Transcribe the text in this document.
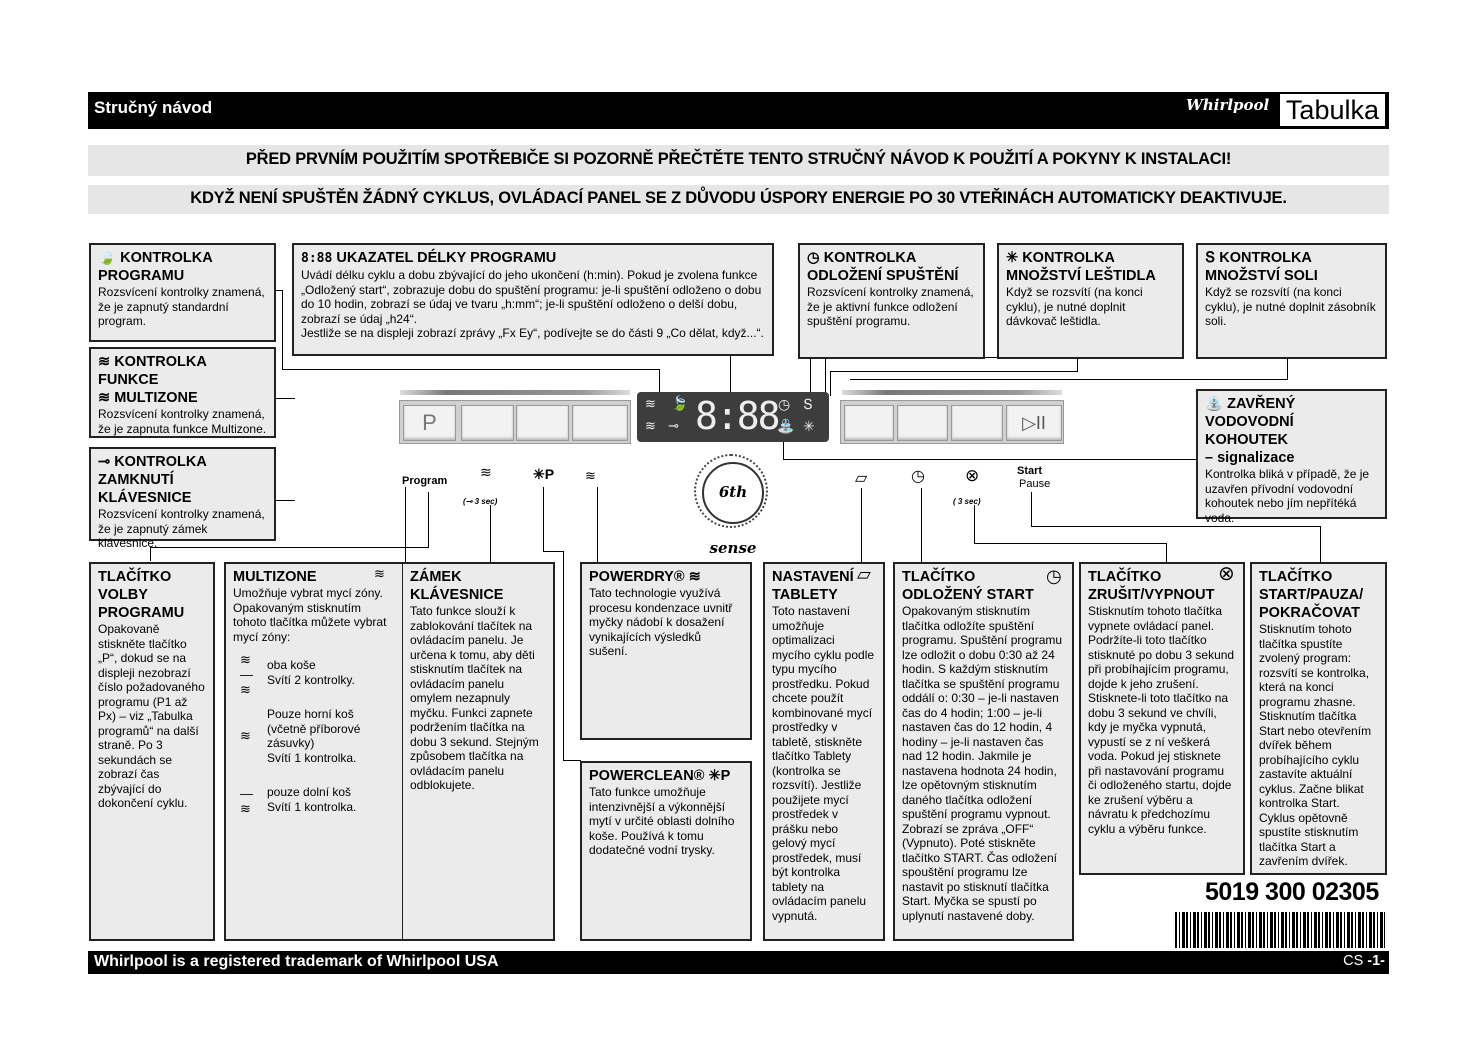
Stručný návod	Whirlpool Tabulka
PŘED PRVNÍM POUŽITÍM SPOTŘEBIČE SI POZORNĚ PŘEČTĚTE TENTO STRUČNÝ NÁVOD K POUŽITÍ A POKYNY K INSTALACI!
KDYŽ NENÍ SPUŠTĚN ŽÁDNÝ CYKLUS, OVLÁDACÍ PANEL SE Z DŮVODU ÚSPORY ENERGIE PO 30 VTEŘINÁCH AUTOMATICKY DEAKTIVUJE.
🍃 KONTROLKA PROGRAMU

Rozsvícení kontrolky znamená, že je zapnutý standardní program.

8:88 UKAZATEL DÉLKY PROGRAMU

Uvádí délku cyklu a dobu zbývající do jeho ukončení (h:min). Pokud je zvolena funkce „Odložený start“, zobrazuje dobu do spuštění programu: je-li spuštění odloženo o dobu do 10 hodin, zobrazí se údaj ve tvaru „h:mm“; je-li spuštění odloženo o delší dobu, zobrazí se údaj „h24“.

Jestliže se na displeji zobrazí zprávy „Fx Ey“, podívejte se do části 9 „Co dělat, když...“.

◷ KONTROLKA ODLOŽENÍ SPUŠTĚNÍ

Rozsvícení kontrolky znamená, že je aktivní funkce odložení spuštění programu.

✳ KONTROLKA MNOŽSTVÍ LEŠTIDLA

Když se rozsvítí (na konci cyklu), je nutné doplnit dávkovač leštidla.

Տ KONTROLKA MNOŽSTVÍ SOLI

Když se rozsvítí (na konci cyklu), je nutné doplnit zásobník soli.

≋ KONTROLKA FUNKCE
≋ MULTIZONE

Rozsvícení kontrolky znamená, že je zapnuta funkce Multizone.

⊸ KONTROLKA ZAMKNUTÍ KLÁVESNICE

Rozsvícení kontrolky znamená, že je zapnutý zámek klávesnice.

⛲ ZAVŘENÝ VODOVODNÍ KOHOUTEK
– signalizace

Kontrolka bliká v případě, že je uzavřen přívodní vodovodní kohoutek nebo jím nepřítéká voda.

P
≋
≋
🍃
⊸ 8:88 ◷ Տ
⛲ ✳	▷II
6th sense
Program
≋
(⊸ 3 sec)
✳P ≋	▱	◷ ⊗
( 3 sec)
Start
Pause
TLAČÍTKO VOLBY PROGRAMU

Opakovaně stiskněte tlačítko „P“, dokud se na displeji nezobrazí číslo požadovaného programu (P1 až Px) – viz „Tabulka programů“ na další straně. Po 3 sekundách se zobrazí čas zbývající do dokončení cyklu.

MULTIZONE	≋

Umožňuje vybrat mycí zóny. Opakovaným stisknutím tohoto tlačítka můžete vybrat mycí zóny:

oba koše
Svítí 2 kontrolky.
Pouze horní koš (včetně příborové zásuvky)
Svítí 1 kontrolka.
pouze dolní koš
Svítí 1 kontrolka.
≋
—
≋
≋
—
≋
ZÁMEK KLÁVESNICE

Tato funkce slouží k zablokování tlačítek na ovládacím panelu. Je určena k tomu, aby děti stisknutím tlačítek na ovládacím panelu omylem nezapnuly myčku. Funkci zapnete podržením tlačítka na dobu 3 sekund. Stejným způsobem tlačítka na ovládacím panelu odblokujete.

POWERDRY® ≋

Tato technologie využívá procesu kondenzace uvnitř myčky nádobí k dosažení vynikajících výsledků sušení.

POWERCLEAN® ✳P

Tato funkce umožňuje intenzivnější a výkonnější mytí v určité oblasti dolního koše. Používá k tomu dodatečné vodní trysky.

NASTAVENÍ TABLETY
▱

Toto nastavení umožňuje optimalizaci mycího cyklu podle typu mycího prostředku. Pokud chcete použít kombinované mycí prostředky v tabletě, stiskněte tlačítko Tablety (kontrolka se rozsvítí). Jestliže použijete mycí prostředek v prášku nebo gelový mycí prostředek, musí být kontrolka tablety na ovládacím panelu vypnutá.

TLAČÍTKO ODLOŽENÝ START
◷

Opakovaným stisknutím tlačítka odložíte spuštění programu. Spuštění programu lze odložit o dobu 0:30 až 24 hodin. S každým stisknutím tlačítka se spuštění programu oddálí o: 0:30 – je-li nastaven čas do 4 hodin; 1:00 – je-li nastaven čas do 12 hodin, 4 hodiny – je-li nastaven čas nad 12 hodin. Jakmile je nastavena hodnota 24 hodin, lze opětovným stisknutím daného tlačítka odložení spuštění programu vypnout. Zobrazí se zpráva „OFF“ (Vypnuto). Poté stiskněte tlačítko START. Čas odložení spouštění programu lze nastavit po stisknutí tlačítka Start. Myčka se spustí po uplynutí nastavené doby.

TLAČÍTKO ZRUŠIT/VYPNOUT
⊗

Stisknutím tohoto tlačítka vypnete ovládací panel. Podržíte-li toto tlačítko stisknuté po dobu 3 sekund při probíhajícím programu, dojde k jeho zrušení. Stisknete-li toto tlačítko na dobu 3 sekund ve chvíli, kdy je myčka vypnutá, vypustí se z ní veškerá voda. Pokud jej stisknete při nastavování programu či odloženého startu, dojde ke zrušení výběru a návratu k předchozímu cyklu a výběru funkce.

TLAČÍTKO START/PAUZA/ POKRAČOVAT

Stisknutím tohoto tlačítka spustíte zvolený program: rozsvítí se kontrolka, která na konci programu zhasne. Stisknutím tlačítka Start nebo otevřením dvířek během probíhajícího cyklu zastavíte aktuální cyklus. Začne blikat kontrolka Start. Cyklus opětovně spustíte stisknutím tlačítka Start a zavřením dvířek.

5019 300 02305
Whirlpool is a registered trademark of Whirlpool USA	CS -1-
